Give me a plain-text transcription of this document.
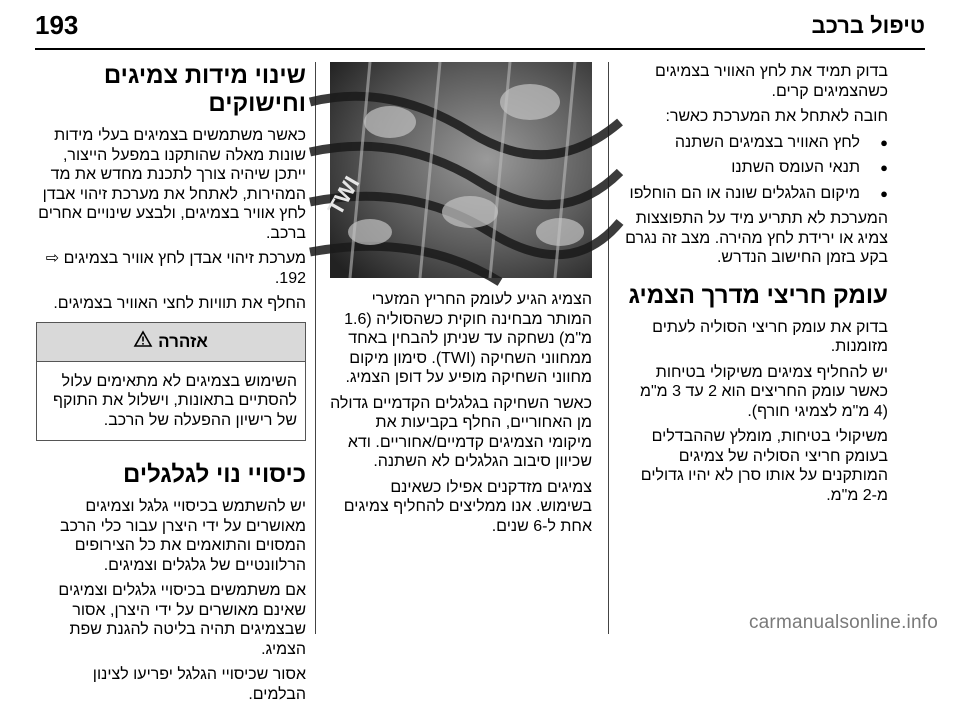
193	טיפול ברכב

בדוק תמיד את לחץ האוויר בצמיגים כשהצמיגים קרים.

חובה לאתחל את המערכת כאשר:

● לחץ האוויר בצמיגים השתנה
● תנאי העומס השתנו
● מיקום הגלגלים שונה או הם הוחלפו

המערכת לא תתריע מיד על התפוצצות צמיג או ירידת לחץ מהירה. מצב זה נגרם בקע בזמן החישוב הנדרש.

עומק חריצי מדרך הצמיג

בדוק את עומק חריצי הסוליה לעתים מזומנות.

יש להחליף צמיגים משיקולי בטיחות כאשר עומק החריצים הוא 2 עד 3 מ"מ (4 מ"מ לצמיגי חורף).

משיקולי בטיחות, מומלץ שההבדלים בעומק חריצי הסוליה של צמיגים המותקנים על אותו סרן לא יהיו גדולים מ-2 מ"מ.

TWI

הצמיג הגיע לעומק החריץ המזערי המותר מבחינה חוקית כשהסוליה (1.6 מ"מ) נשחקה עד שניתן להבחין באחד ממחווני השחיקה (TWI). סימון מיקום מחווני השחיקה מופיע על דופן הצמיג.

כאשר השחיקה בגלגלים הקדמיים גדולה מן האחוריים, החלף בקביעות את מיקומי הצמיגים קדמיים/אחוריים. ודא שכיוון סיבוב הגלגלים לא השתנה.

צמיגים מזדקנים אפילו כשאינם בשימוש. אנו ממליצים להחליף צמיגים אחת ל-6 שנים.

שינוי מידות צמיגים וחישוקים

כאשר משתמשים בצמיגים בעלי מידות שונות מאלה שהותקנו במפעל הייצור, ייתכן שיהיה צורך לתכנת מחדש את מד המהירות, לאתחל את מערכת זיהוי אבדן לחץ אוויר בצמיגים, ולבצע שינויים אחרים ברכב.

מערכת זיהוי אבדן לחץ אוויר בצמיגים ⇨ 192.

החלף את תוויות לחצי האוויר בצמיגים.

אזהרה
השימוש בצמיגים לא מתאימים עלול להסתיים בתאונות, וישלול את התוקף של רישיון ההפעלה של הרכב.
כיסויי נוי לגלגלים

יש להשתמש בכיסויי גלגל וצמיגים מאושרים על ידי היצרן עבור כלי הרכב המסוים והתואמים את כל הצירופים הרלוונטיים של גלגלים וצמיגים.

אם משתמשים בכיסויי גלגלים וצמיגים שאינם מאושרים על ידי היצרן, אסור שבצמיגים תהיה בליטה להגנת שפת הצמיג.

אסור שכיסויי הגלגל יפריעו לצינון הבלמים.

carmanualsonline.info
